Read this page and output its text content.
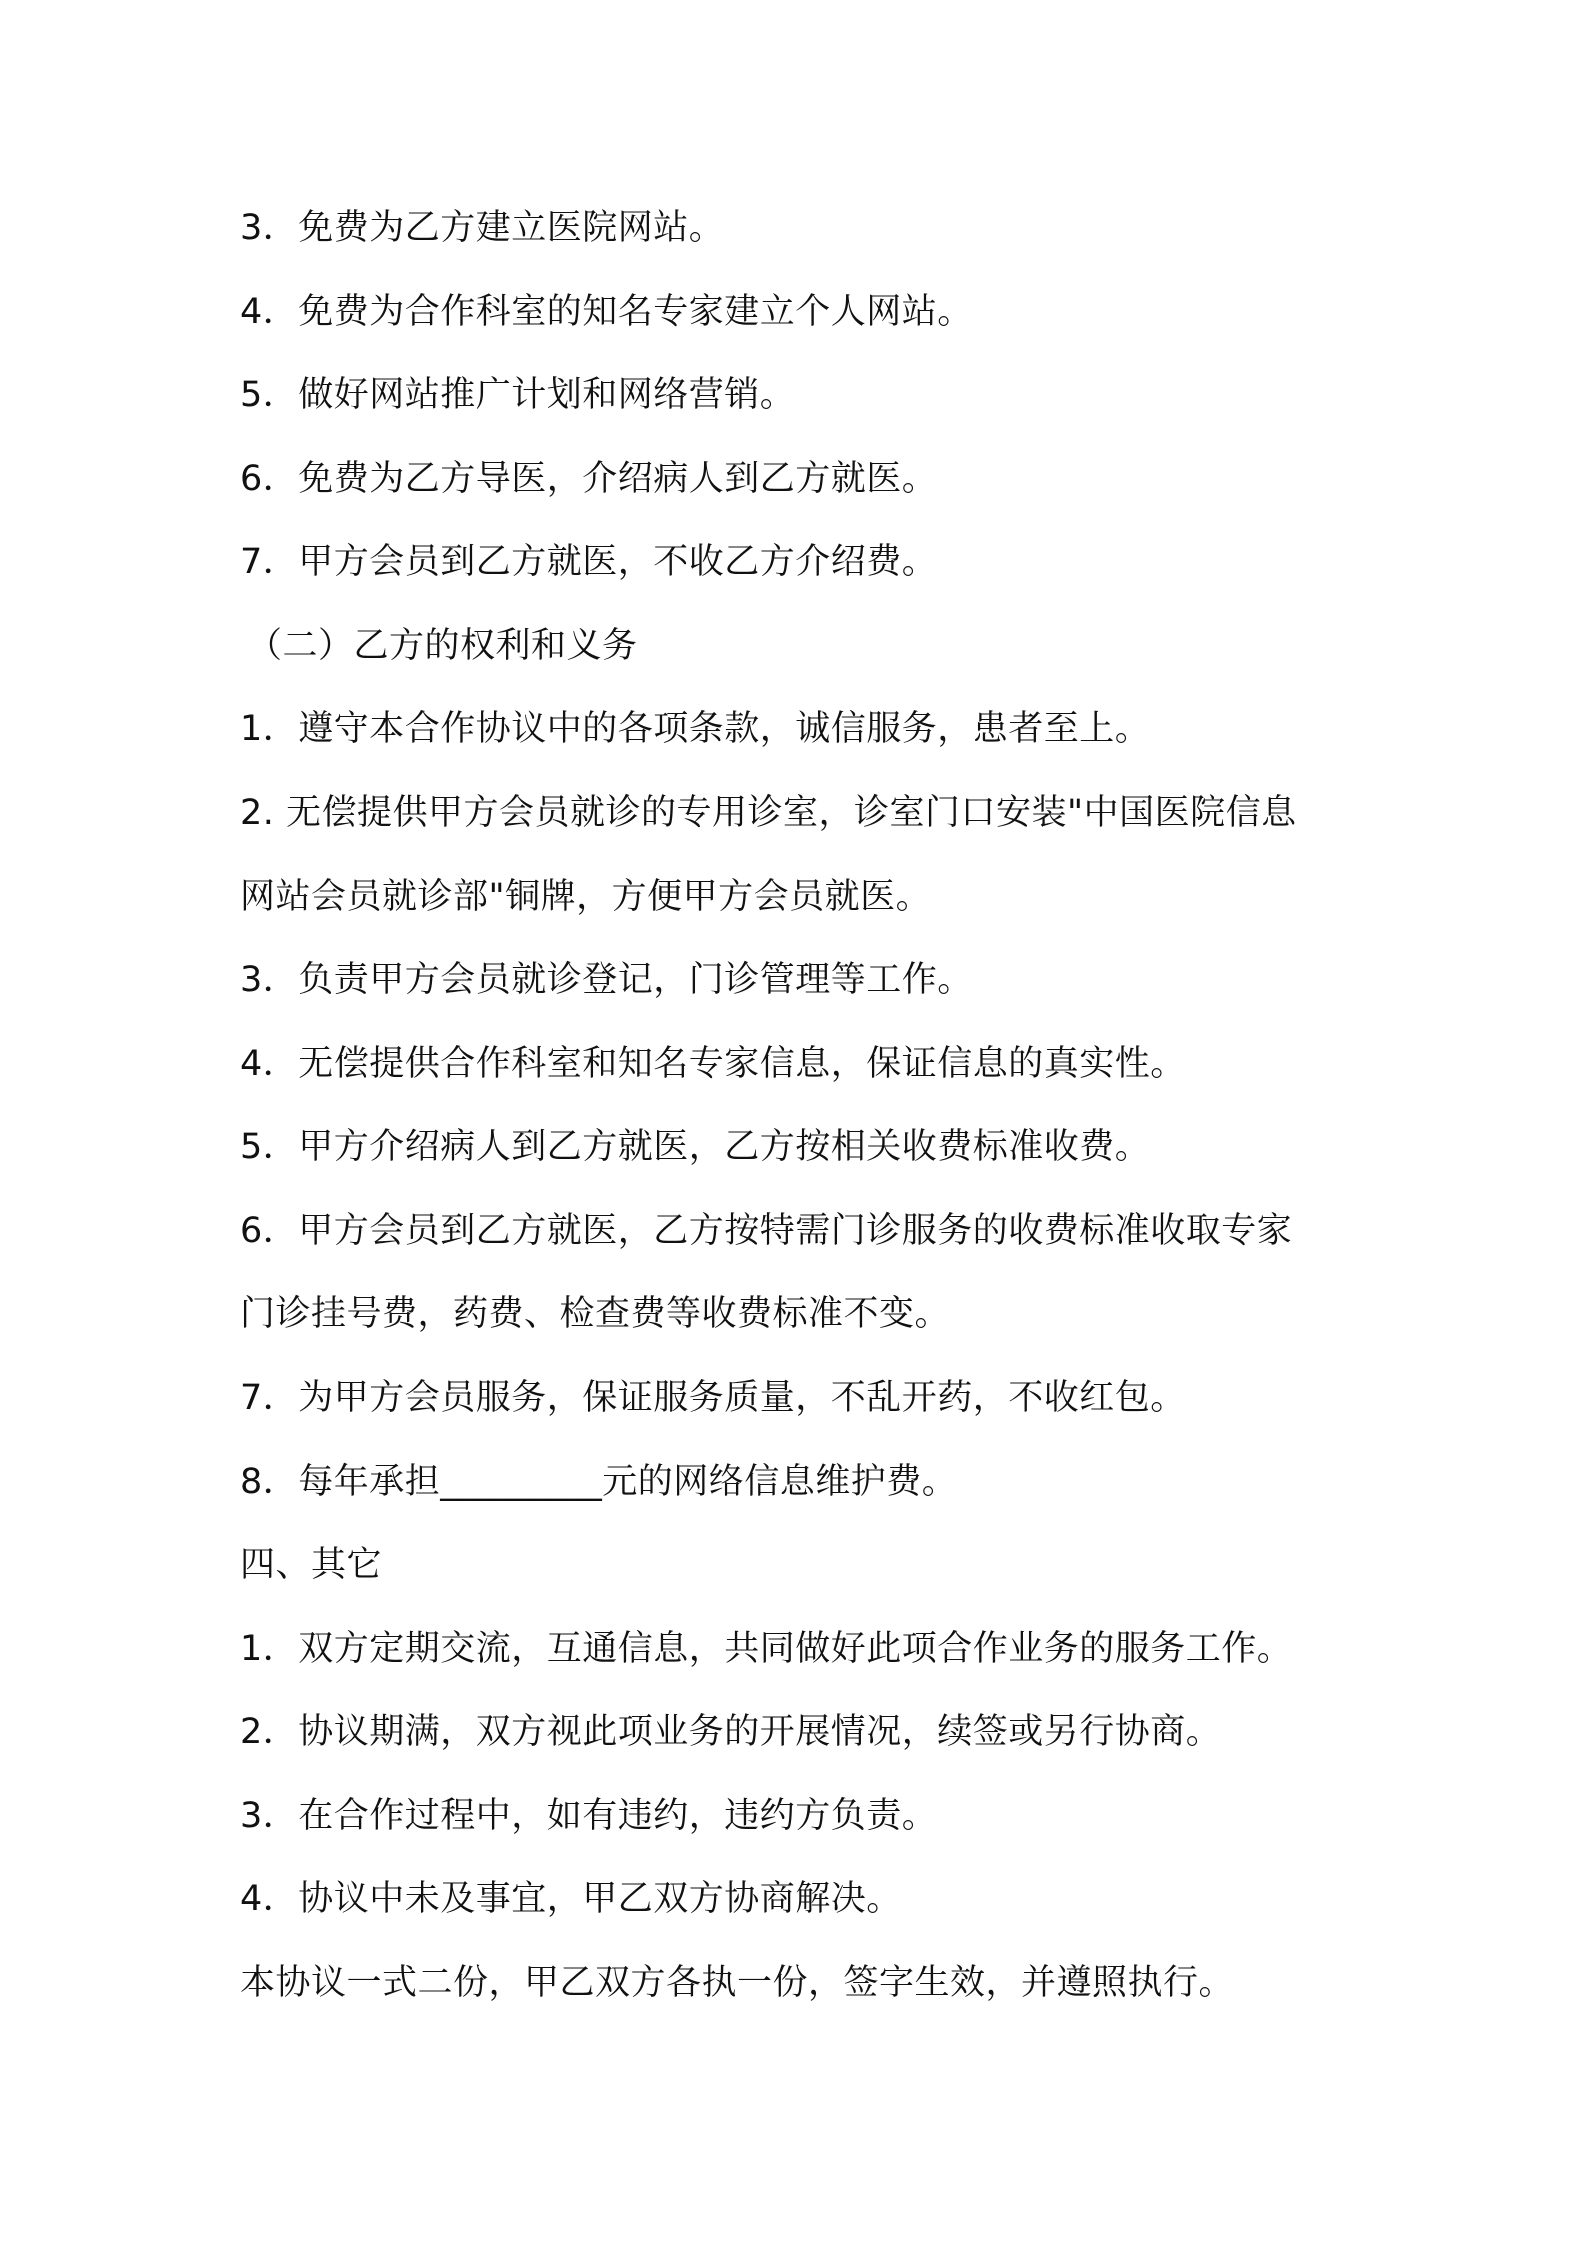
3．免费为乙方建立医院网站。
4．免费为合作科室的知名专家建立个人网站。
5．做好网站推广计划和网络营销。
6．免费为乙方导医，介绍病人到乙方就医。
7．甲方会员到乙方就医，不收乙方介绍费。
（二）乙方的权利和义务
1．遵守本合作协议中的各项条款，诚信服务，患者至上。
2. 无偿提供甲方会员就诊的专用诊室，诊室门口安装"中国医院信息
网站会员就诊部"铜牌，方便甲方会员就医。
3．负责甲方会员就诊登记，门诊管理等工作。
4．无偿提供合作科室和知名专家信息，保证信息的真实性。
5．甲方介绍病人到乙方就医，乙方按相关收费标准收费。
6．甲方会员到乙方就医，乙方按特需门诊服务的收费标准收取专家
门诊挂号费，药费、检查费等收费标准不变。
7．为甲方会员服务，保证服务质量，不乱开药，不收红包。
8．每年承担_________元的网络信息维护费。
四、其它
1．双方定期交流，互通信息，共同做好此项合作业务的服务工作。
2．协议期满，双方视此项业务的开展情况，续签或另行协商。
3．在合作过程中，如有违约，违约方负责。
4．协议中未及事宜，甲乙双方协商解决。
本协议一式二份，甲乙双方各执一份，签字生效，并遵照执行。
